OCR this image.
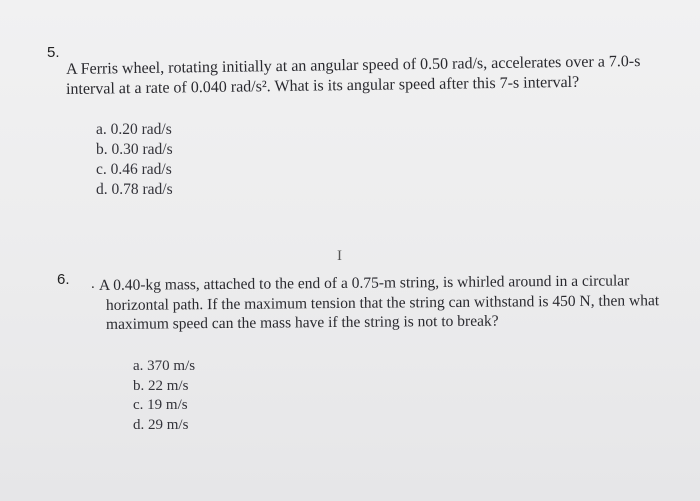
5.
A Ferris wheel, rotating initially at an angular speed of 0.50 rad/s, accelerates over a 7.0-s
interval at a rate of 0.040 rad/s². What is its angular speed after this 7-s interval?
a. 0.20 rad/s
b. 0.30 rad/s
c. 0.46 rad/s
d. 0.78 rad/s
I
6. . A 0.40-kg mass, attached to the end of a 0.75-m string, is whirled around in a circular
horizontal path. If the maximum tension that the string can withstand is 450 N, then what
maximum speed can the mass have if the string is not to break?
a. 370 m/s
b. 22 m/s
c. 19 m/s
d. 29 m/s
